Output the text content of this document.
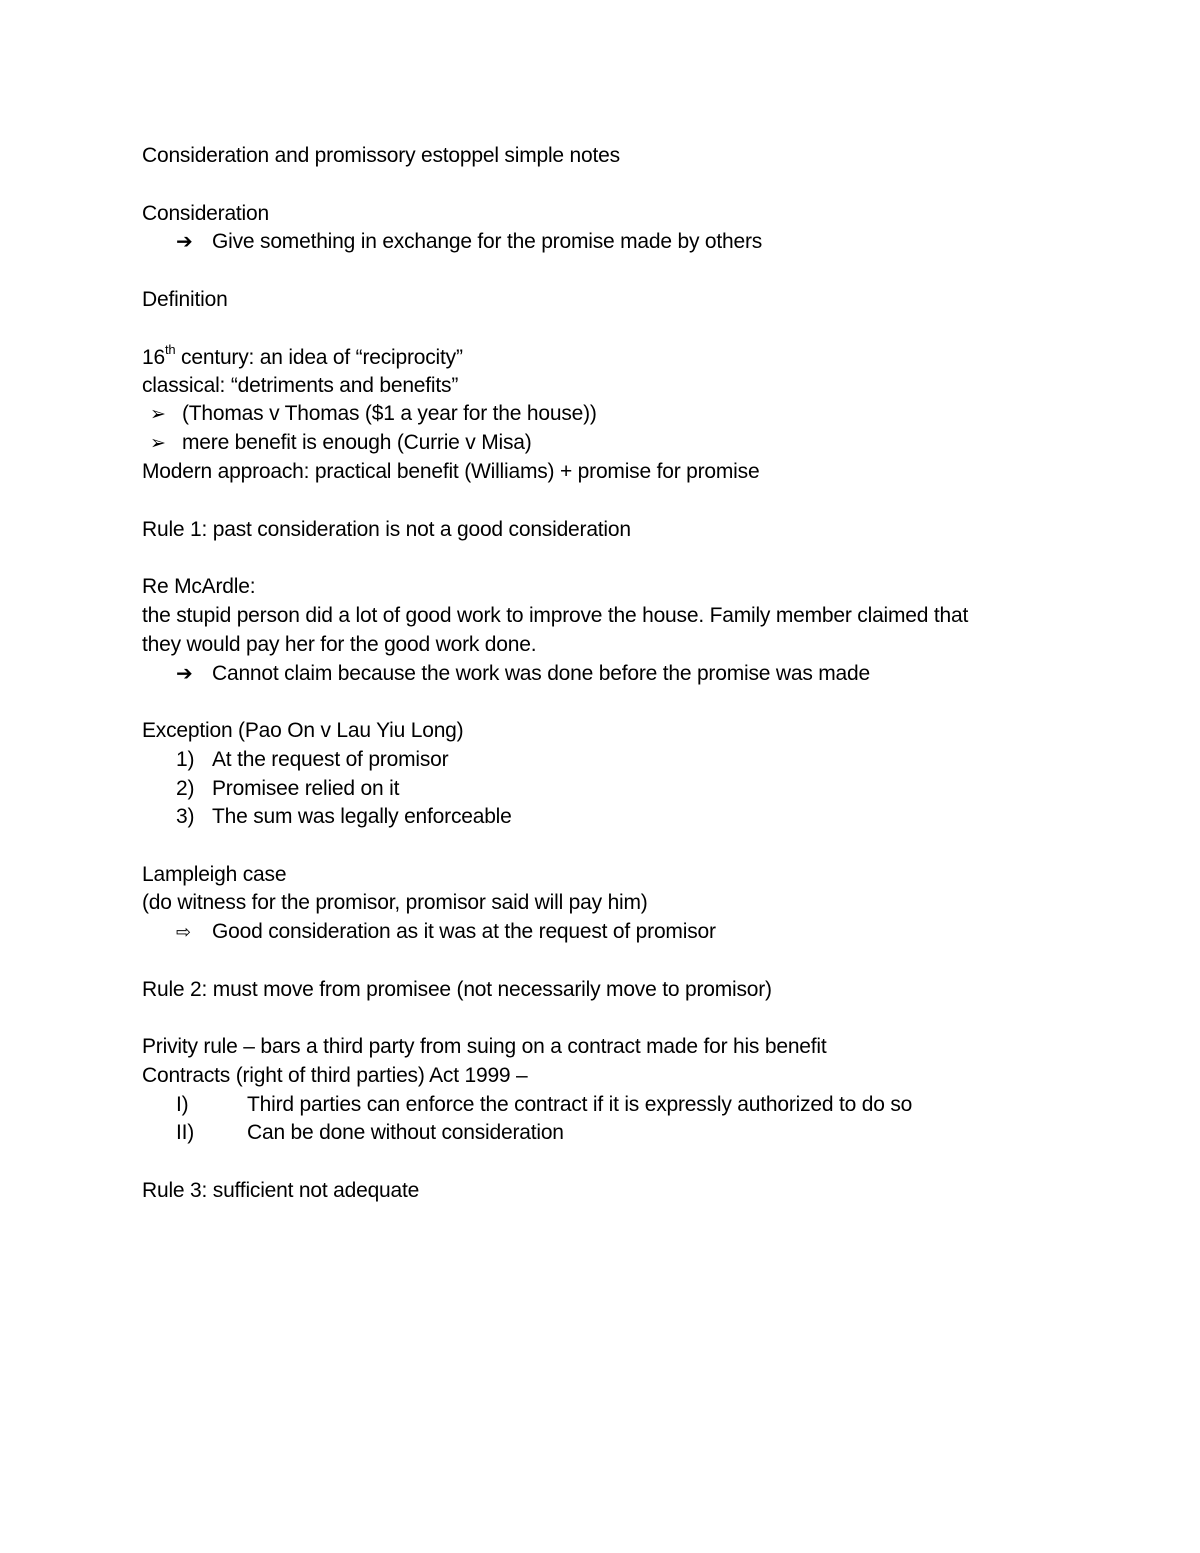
Consideration and promissory estoppel simple notes
Consideration
➔ Give something in exchange for the promise made by others
Definition
16th century: an idea of “reciprocity”
classical: “detriments and benefits”
➢ (Thomas v Thomas ($1 a year for the house))
➢ mere benefit is enough (Currie v Misa)
Modern approach: practical benefit (Williams) + promise for promise
Rule 1: past consideration is not a good consideration
Re McArdle:
the stupid person did a lot of good work to improve the house. Family member claimed that
they would pay her for the good work done.
➔ Cannot claim because the work was done before the promise was made
Exception (Pao On v Lau Yiu Long)
1) At the request of promisor
2) Promisee relied on it
3) The sum was legally enforceable
Lampleigh case
(do witness for the promisor, promisor said will pay him)
⇨ Good consideration as it was at the request of promisor
Rule 2: must move from promisee (not necessarily move to promisor)
Privity rule – bars a third party from suing on a contract made for his benefit
Contracts (right of third parties) Act 1999 –
I)	Third parties can enforce the contract if it is expressly authorized to do so
II)	Can be done without consideration
Rule 3: sufficient not adequate
